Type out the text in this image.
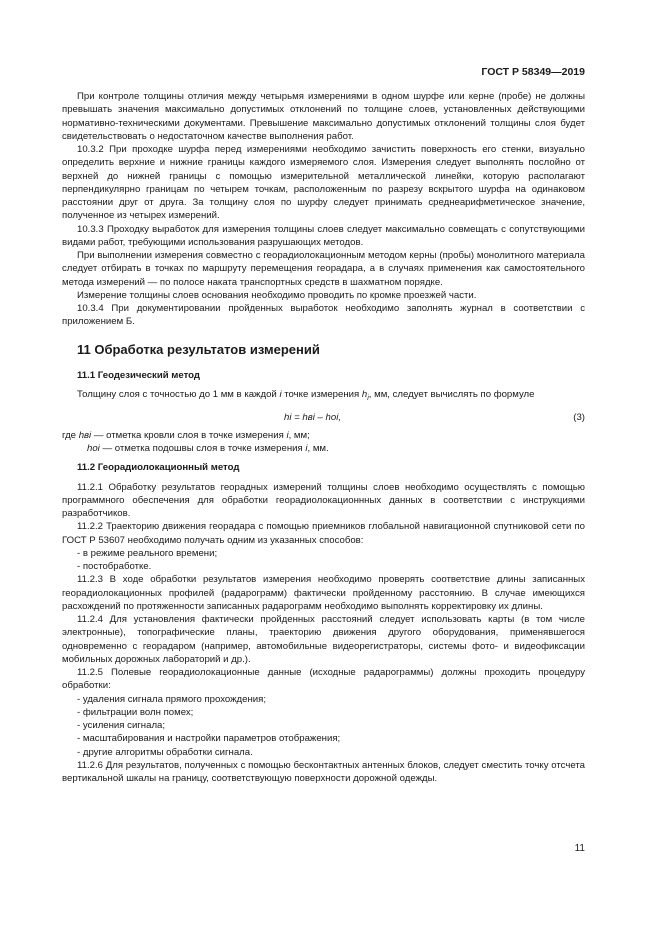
ГОСТ Р 58349—2019

При контроле толщины отличия между четырьмя измерениями в одном шурфе или керне (пробе) не должны превышать значения максимально допустимых отклонений по толщине слоев, установленных действующими нормативно-техническими документами. Превышение максимально допустимых отклонений толщины слоя будет свидетельствовать о недостаточном качестве выполнения работ.

10.3.2 При проходке шурфа перед измерениями необходимо зачистить поверхность его стенки, визуально определить верхние и нижние границы каждого измеряемого слоя. Измерения следует выполнять послойно от верхней до нижней границы с помощью измерительной металлической линейки, которую располагают перпендикулярно границам по четырем точкам, расположенным по разрезу вскрытого шурфа на одинаковом расстоянии друг от друга. За толщину слоя по шурфу следует принимать среднеарифметическое значение, полученное из четырех измерений.

10.3.3 Проходку выработок для измерения толщины слоев следует максимально совмещать с сопутствующими видами работ, требующими использования разрушающих методов.

При выполнении измерения совместно с георадиолокационным методом керны (пробы) монолитного материала следует отбирать в точках по маршруту перемещения георадара, а в случаях применения как самостоятельного метода измерений — по полосе наката транспортных средств в шахматном порядке.

Измерение толщины слоев основания необходимо проводить по кромке проезжей части.

10.3.4 При документировании пройденных выработок необходимо заполнять журнал в соответствии с приложением Б.

11 Обработка результатов измерений

11.1 Геодезический метод

Толщину слоя с точностью до 1 мм в каждой i точке измерения $h_i$, мм, следует вычислять по формуле

hi = hвi – hoi,	(3)

где hвi — отметка кровли слоя в точке измерения i, мм;

hoi — отметка подошвы слоя в точке измерения i, мм.

11.2 Георадиолокационный метод

11.2.1 Обработку результатов георадных измерений толщины слоев необходимо осуществлять с помощью программного обеспечения для обработки георадиолокационнных данных в соответствии с инструкциями разработчиков.

11.2.2 Траекторию движения георадара с помощью приемников глобальной навигационной спутниковой сети по ГОСТ Р 53607 необходимо получать одним из указанных способов:

- в режиме реального времени;

- постобработке.

11.2.3 В ходе обработки результатов измерения необходимо проверять соответствие длины записанных георадиолокационных профилей (радарограмм) фактически пройденному расстоянию. В случае имеющихся расхождений по протяженности записанных радарограмм необходимо выполнять корректировку их длины.

11.2.4 Для установления фактически пройденных расстояний следует использовать карты (в том числе электронные), топографические планы, траекторию движения другого оборудования, применявшегося одновременно с георадаром (например, автомобильные видеорегистраторы, системы фото- и видеофиксации мобильных дорожных лабораторий и др.).

11.2.5 Полевые георадиолокационные данные (исходные радарограммы) должны проходить процедуру обработки:

- удаления сигнала прямого прохождения;

- фильтрации волн помех;

- усиления сигнала;

- масштабирования и настройки параметров отображения;

- другие алгоритмы обработки сигнала.

11.2.6 Для результатов, полученных с помощью бесконтактных антенных блоков, следует сместить точку отсчета вертикальной шкалы на границу, соответствующую поверхности дорожной одежды.

11
